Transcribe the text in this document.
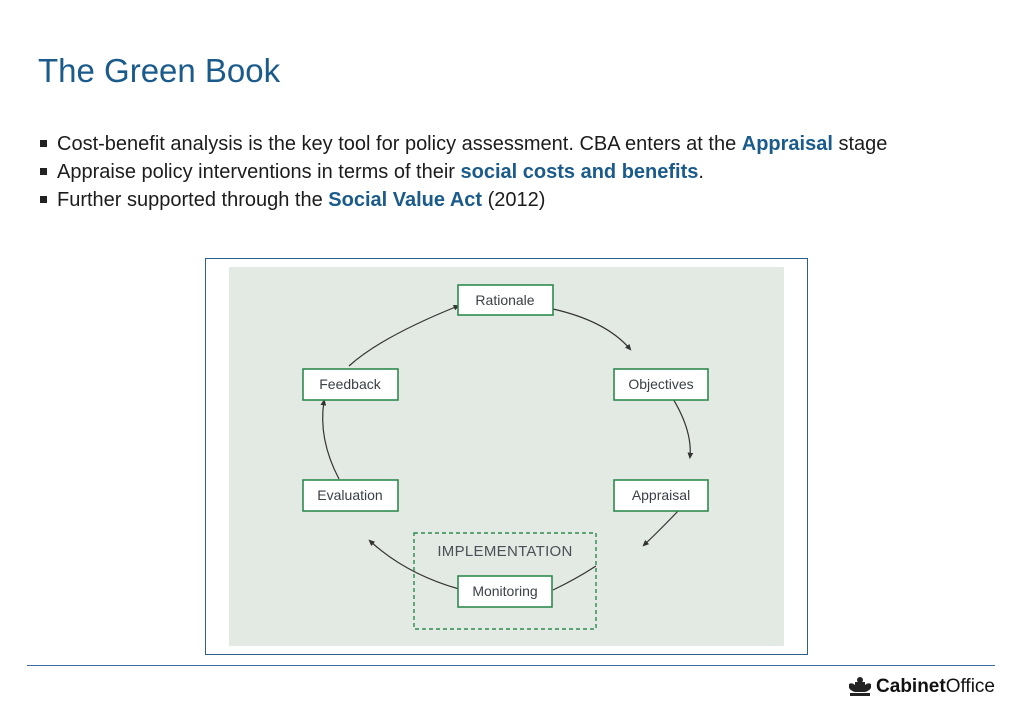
The Green Book
Cost-benefit analysis is the key tool for policy assessment. CBA enters at the Appraisal stage
Appraise policy interventions in terms of their social costs and benefits.
Further supported through the Social Value Act (2012)
IMPLEMENTATION
Rationale
Objectives
Appraisal
Monitoring
Evaluation
Feedback
CabinetOffice
